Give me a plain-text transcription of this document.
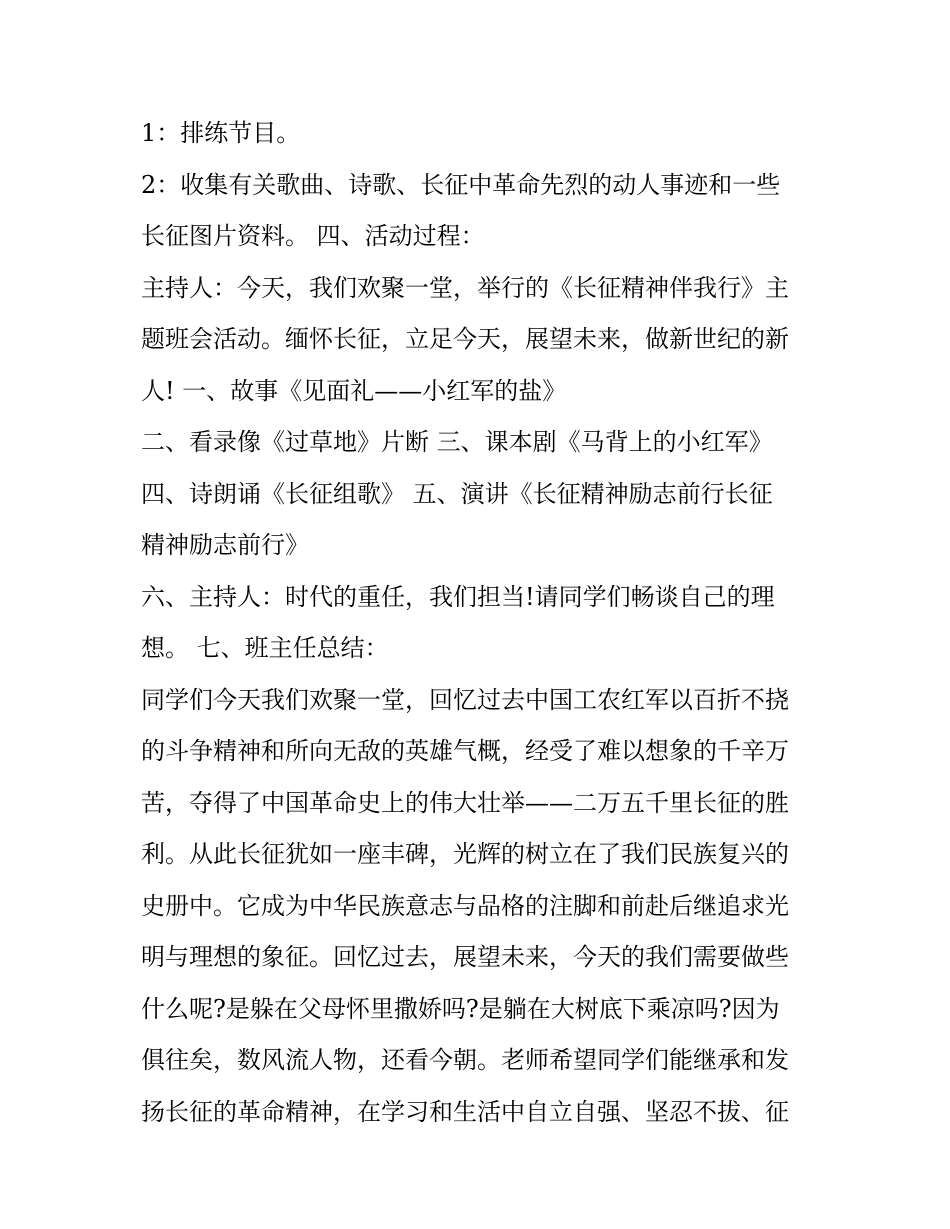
1：排练节目。
2：收集有关歌曲、诗歌、长征中革命先烈的动人事迹和一些
长征图片资料。 四、活动过程：
主持人：今天，我们欢聚一堂，举行的《长征精神伴我行》主
题班会活动。缅怀长征，立足今天，展望未来，做新世纪的新
人! 一、故事《见面礼——小红军的盐》
二、看录像《过草地》片断 三、课本剧《马背上的小红军》
四、诗朗诵《长征组歌》 五、演讲《长征精神励志前行长征
精神励志前行》
六、主持人：时代的重任，我们担当!请同学们畅谈自己的理
想。 七、班主任总结：
同学们今天我们欢聚一堂，回忆过去中国工农红军以百折不挠
的斗争精神和所向无敌的英雄气概，经受了难以想象的千辛万
苦，夺得了中国革命史上的伟大壮举——二万五千里长征的胜
利。从此长征犹如一座丰碑，光辉的树立在了我们民族复兴的
史册中。它成为中华民族意志与品格的注脚和前赴后继追求光
明与理想的象征。回忆过去，展望未来，今天的我们需要做些
什么呢?是躲在父母怀里撒娇吗?是躺在大树底下乘凉吗?因为
俱往矣，数风流人物，还看今朝。老师希望同学们能继承和发
扬长征的革命精神，在学习和生活中自立自强、坚忍不拔、征
